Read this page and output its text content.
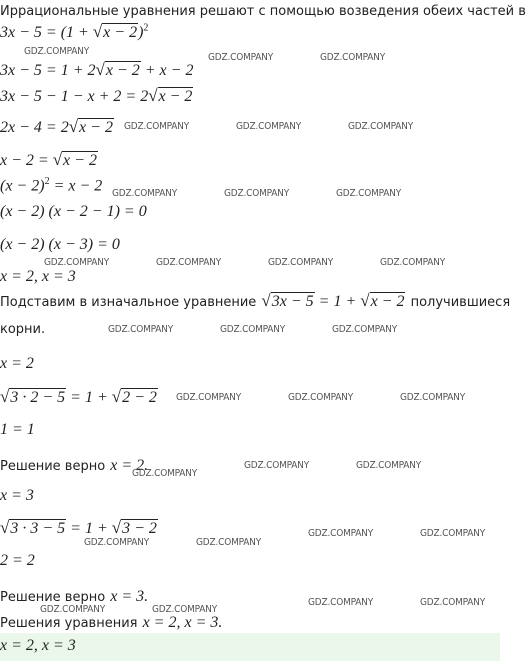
Иррациональные уравнения решают с помощью возведения обеих частей в
$3x - 5 = (1 + √x - 2)^2$
3x − 5 = 1 + 2√x − 2 + x − 2
3x − 5 − 1 − x + 2 = 2√x − 2
2x − 4 = 2√x − 2
x − 2 = √x − 2
$(x - 2)^2 = x - 2$
(x − 2) (x − 2 − 1) = 0
(x − 2) (x − 3) = 0
x = 2, x = 3
Подставим в изначальное уравнение √3x − 5 = 1 + √x − 2 получившиеся
корни.
x = 2
√3 · 2 − 5 = 1 + √2 − 2
1 = 1
Решение верно x = 2.
x = 3
√3 · 3 − 5 = 1 + √3 − 2
2 = 2
Решение верно x = 3.
Решения уравнения x = 2, x = 3.
x = 2, x = 3
GDZ.COMPANY
GDZ.COMPANY	GDZ.COMPANY
GDZ.COMPANY	GDZ.COMPANY	GDZ.COMPANY
GDZ.COMPANY	GDZ.COMPANY	GDZ.COMPANY
GDZ.COMPANY	GDZ.COMPANY	GDZ.COMPANY	GDZ.COMPANY
GDZ.COMPANY	GDZ.COMPANY	GDZ.COMPANY
GDZ.COMPANY	GDZ.COMPANY	GDZ.COMPANY
GDZ.COMPANY
GDZ.COMPANY	GDZ.COMPANY
GDZ.COMPANY	GDZ.COMPANY
GDZ.COMPANY	GDZ.COMPANY
GDZ.COMPANY	GDZ.COMPANY
GDZ.COMPANY	GDZ.COMPANY
